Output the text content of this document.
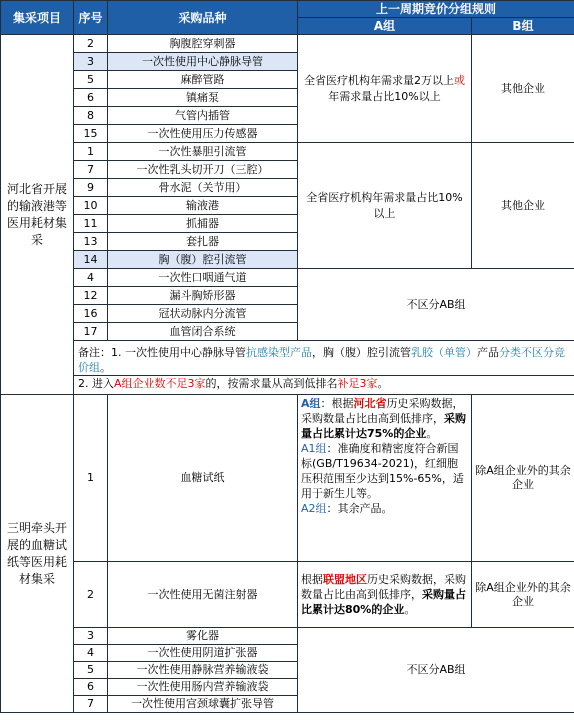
集采项目	序号	采购品种	上一周期竞价分组规则	
			A组	B组
河北省开展的输液港等医用耗材集采	2	胸腹腔穿刺器	全省医疗机构年需求量2万以上或年需求量占比10%以上	其他企业
	3	一次性使用中心静脉导管		
	5	麻醉管路		
	6	镇痛泵		
	8	气管内插管		
	15	一次性使用压力传感器		
	1	一次性暴胆引流管	全省医疗机构年需求量占比10%以上	其他企业
	7	一次性乳头切开刀（三腔）		
	9	骨水泥（关节用）		
	10	输液港		
	11	抓捕器		
	13	套扎器		
	14	胸（腹）腔引流管		
	4	一次性口咽通气道	不区分AB组	
	12	漏斗胸矫形器		
	16	冠状动脉内分流管		
	17	血管闭合系统		

	备注：1. 一次性使用中心静脉导管抗感染型产品，胸（腹）腔引流管乳胶（单管）产品分类不区分竞价组。
2. 进入A组企业数不足3家的，按需求量从高到低排名补足3家。			

三明牵头开展的血糖试纸等医用耗材集采	1	血糖试纸	A组：根据河北省历史采购数据，采购数量占比由高到低排序，采购量占比累计达75%的企业。
A1组：准确度和精密度符合新国标(GB/T19634-2021)，红细胞压积范围至少达到15%-65%，适用于新生儿等。
A2组：其余产品。	除A组企业外的其余企业
	2	一次性使用无菌注射器	根据联盟地区历史采购数据，采购数量占比由高到低排序，采购量占比累计达80%的企业。	除A组企业外的其余企业
	3	雾化器	不区分AB组	
	4	一次性使用阴道扩张器		
	5	一次性使用静脉营养输液袋		
	6	一次性使用肠内营养输液袋		
	7	一次性使用宫颈球囊扩张导管		
